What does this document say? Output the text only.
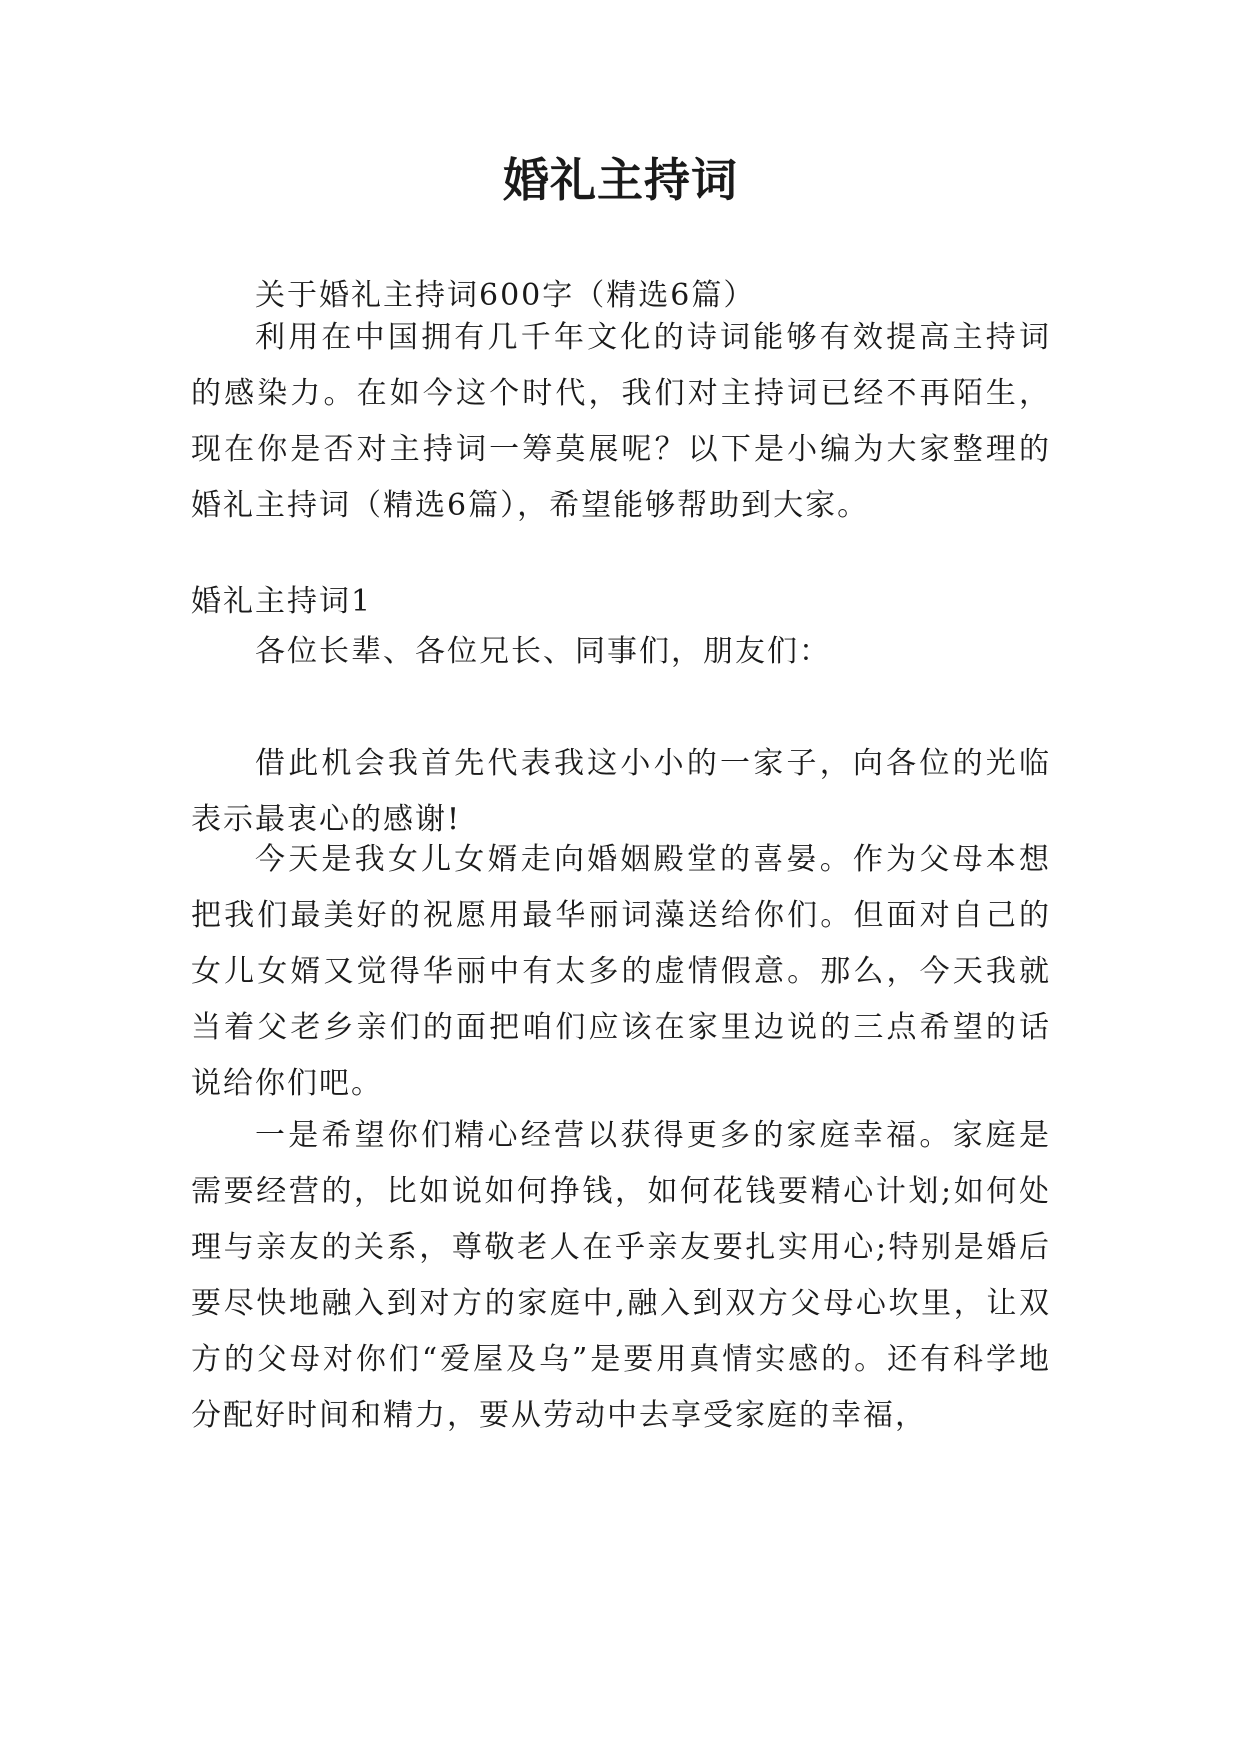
婚礼主持词

关于婚礼主持词600字（精选6篇）

利用在中国拥有几千年文化的诗词能够有效提高主持词的感染力。在如今这个时代，我们对主持词已经不再陌生，现在你是否对主持词一筹莫展呢？以下是小编为大家整理的婚礼主持词（精选6篇），希望能够帮助到大家。

婚礼主持词1

各位长辈、各位兄长、同事们，朋友们：

借此机会我首先代表我这小小的一家子，向各位的光临表示最衷心的感谢!

今天是我女儿女婿走向婚姻殿堂的喜晏。作为父母本想把我们最美好的祝愿用最华丽词藻送给你们。但面对自己的女儿女婿又觉得华丽中有太多的虚情假意。那么，今天我就当着父老乡亲们的面把咱们应该在家里边说的三点希望的话说给你们吧。

一是希望你们精心经营以获得更多的家庭幸福。家庭是需要经营的，比如说如何挣钱，如何花钱要精心计划;如何处理与亲友的关系，尊敬老人在乎亲友要扎实用心;特别是婚后要尽快地融入到对方的家庭中,融入到双方父母心坎里，让双方的父母对你们“爱屋及乌”是要用真情实感的。还有科学地分配好时间和精力，要从劳动中去享受家庭的幸福，
